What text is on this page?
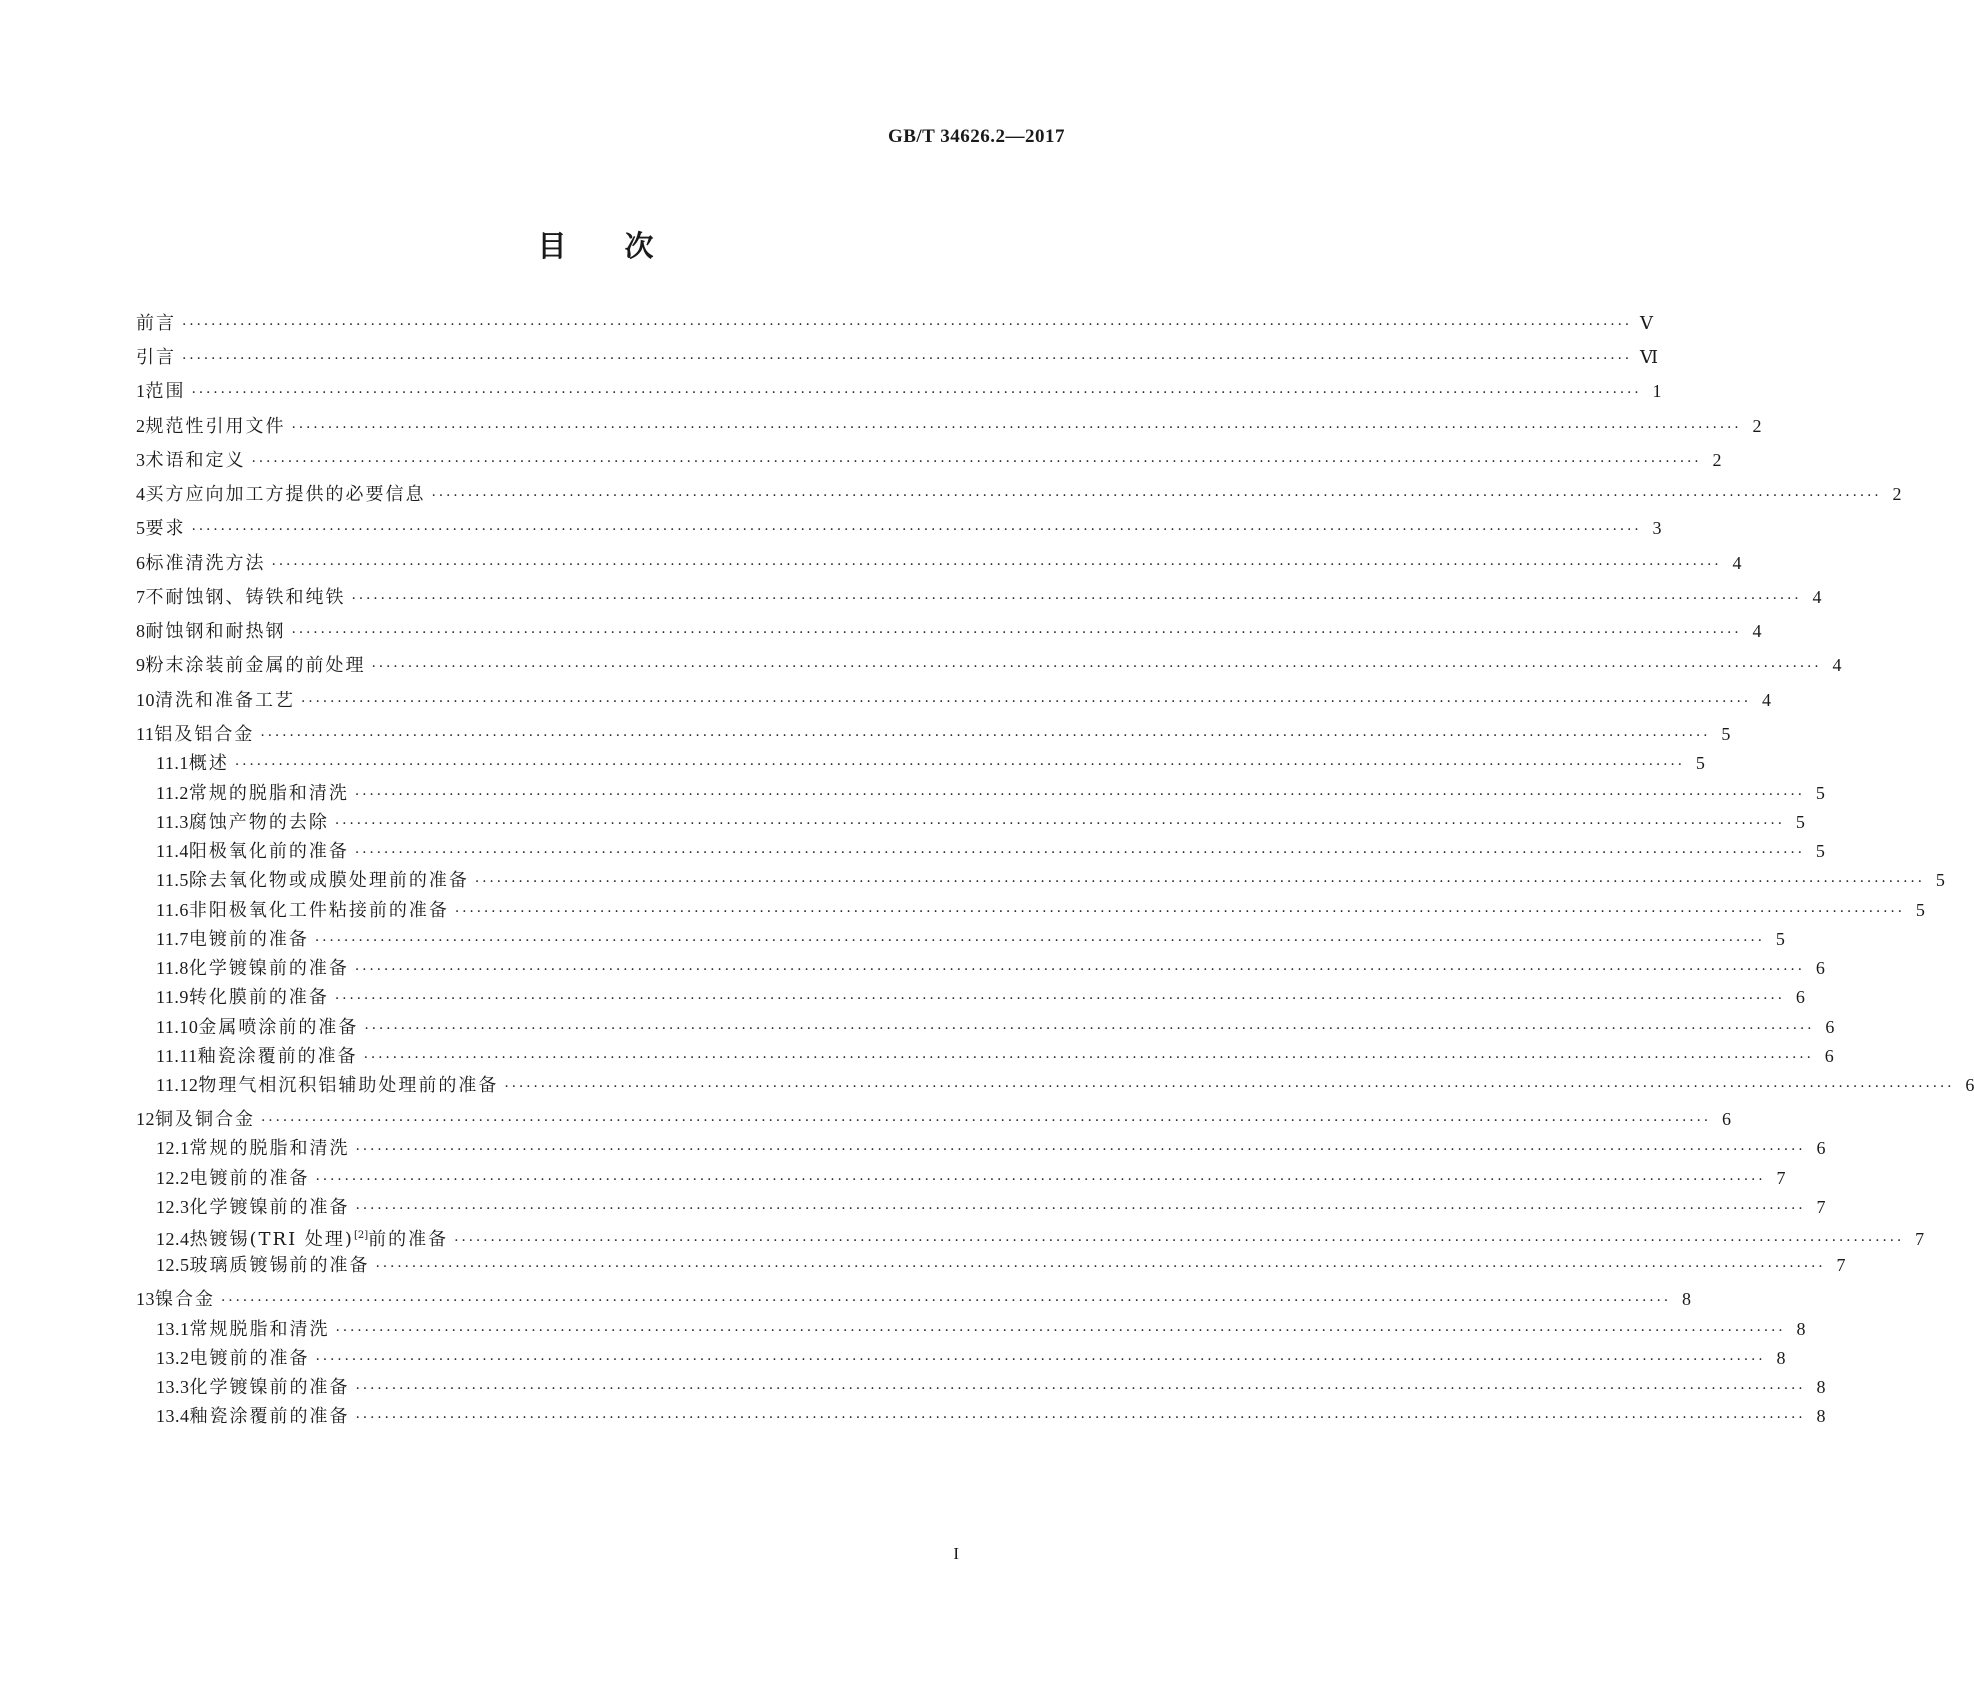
GB/T 34626.2—2017
目 次
前言 ········································································································································································································ Ⅴ
引言 ········································································································································································································ Ⅵ
1 范围 ········································································································································································································ 1
2 规范性引用文件 ········································································································································································································ 2
3 术语和定义 ········································································································································································································ 2
4 买方应向加工方提供的必要信息 ········································································································································································································ 2
5 要求 ········································································································································································································ 3
6 标准清洗方法 ········································································································································································································ 4
7 不耐蚀钢、铸铁和纯铁 ········································································································································································································ 4
8 耐蚀钢和耐热钢 ········································································································································································································ 4
9 粉末涂装前金属的前处理 ········································································································································································································ 4
10 清洗和准备工艺 ········································································································································································································ 4
11 铝及铝合金 ········································································································································································································ 5
11.1 概述 ········································································································································································································ 5
11.2 常规的脱脂和清洗 ········································································································································································································ 5
11.3 腐蚀产物的去除 ········································································································································································································ 5
11.4 阳极氧化前的准备 ········································································································································································································ 5
11.5 除去氧化物或成膜处理前的准备 ········································································································································································································ 5
11.6 非阳极氧化工件粘接前的准备 ········································································································································································································ 5
11.7 电镀前的准备 ········································································································································································································ 5
11.8 化学镀镍前的准备 ········································································································································································································ 6
11.9 转化膜前的准备 ········································································································································································································ 6
11.10 金属喷涂前的准备 ········································································································································································································ 6
11.11 釉瓷涂覆前的准备 ········································································································································································································ 6
11.12 物理气相沉积铝辅助处理前的准备 ········································································································································································································ 6
12 铜及铜合金 ········································································································································································································ 6
12.1 常规的脱脂和清洗 ········································································································································································································ 6
12.2 电镀前的准备 ········································································································································································································ 7
12.3 化学镀镍前的准备 ········································································································································································································ 7
12.4 热镀锡(TRI 处理)[2]前的准备 ········································································································································································································ 7
12.5 玻璃质镀锡前的准备 ········································································································································································································ 7
13 镍合金 ········································································································································································································ 8
13.1 常规脱脂和清洗 ········································································································································································································ 8
13.2 电镀前的准备 ········································································································································································································ 8
13.3 化学镀镍前的准备 ········································································································································································································ 8
13.4 釉瓷涂覆前的准备 ········································································································································································································ 8
I
